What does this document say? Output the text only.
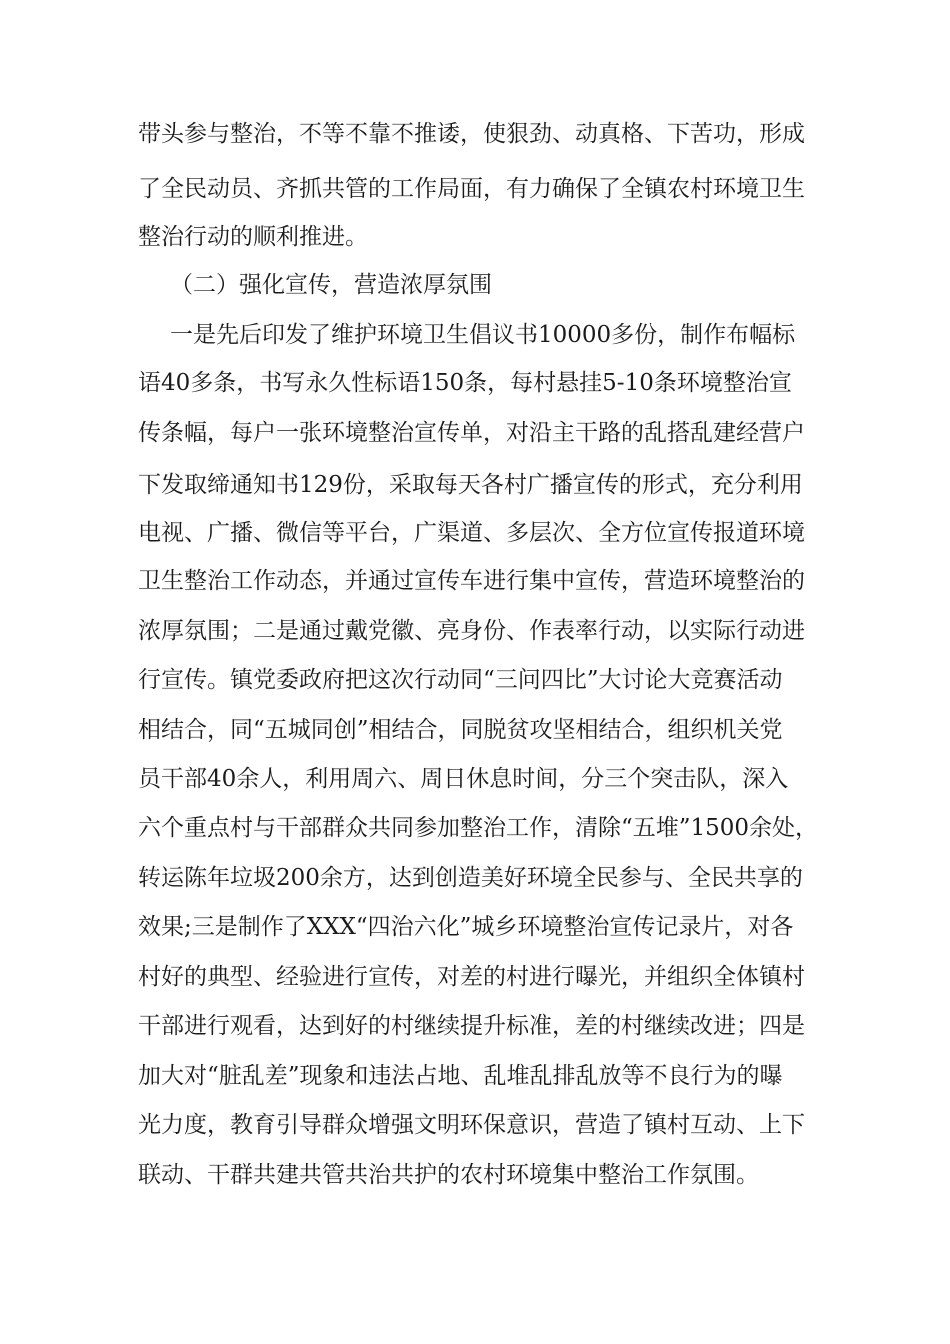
带头参与整治，不等不靠不推诿，使狠劲、动真格、下苦功，形成

了全民动员、齐抓共管的工作局面，有力确保了全镇农村环境卫生

整治行动的顺利推进。

（二）强化宣传，营造浓厚氛围

一是先后印发了维护环境卫生倡议书10000多份，制作布幅标

语40多条，书写永久性标语150条，每村悬挂5-10条环境整治宣

传条幅，每户一张环境整治宣传单，对沿主干路的乱搭乱建经营户

下发取缔通知书129份，采取每天各村广播宣传的形式，充分利用

电视、广播、微信等平台，广渠道、多层次、全方位宣传报道环境

卫生整治工作动态，并通过宣传车进行集中宣传，营造环境整治的

浓厚氛围；二是通过戴党徽、亮身份、作表率行动，以实际行动进

行宣传。镇党委政府把这次行动同“三问四比”大讨论大竞赛活动

相结合，同“五城同创”相结合，同脱贫攻坚相结合，组织机关党

员干部40余人，利用周六、周日休息时间，分三个突击队，深入

六个重点村与干部群众共同参加整治工作，清除“五堆”1500余处，

转运陈年垃圾200余方，达到创造美好环境全民参与、全民共享的

效果;三是制作了XXX“四治六化”城乡环境整治宣传记录片，对各

村好的典型、经验进行宣传，对差的村进行曝光，并组织全体镇村

干部进行观看，达到好的村继续提升标准，差的村继续改进；四是

加大对“脏乱差”现象和违法占地、乱堆乱排乱放等不良行为的曝

光力度，教育引导群众增强文明环保意识，营造了镇村互动、上下

联动、干群共建共管共治共护的农村环境集中整治工作氛围。
